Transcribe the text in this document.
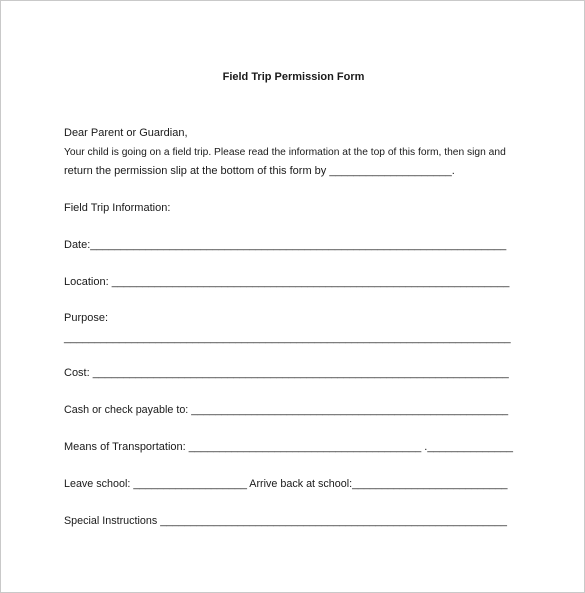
Field Trip Permission Form
Dear Parent or Guardian,
Your child is going on a field trip. Please read the information at the top of this form, then sign and
return the permission slip at the bottom of this form by ____________________.
Field Trip Information:
Date:____________________________________________________________________
Location: _________________________________________________________________
Purpose:
_________________________________________________________________________
Cost: ____________________________________________________________________
Cash or check payable to: _____________________________________________________
Means of Transportation: ______________________________________ .______________
Leave school: ___________________ Arrive back at school:__________________________
Special Instructions __________________________________________________________
